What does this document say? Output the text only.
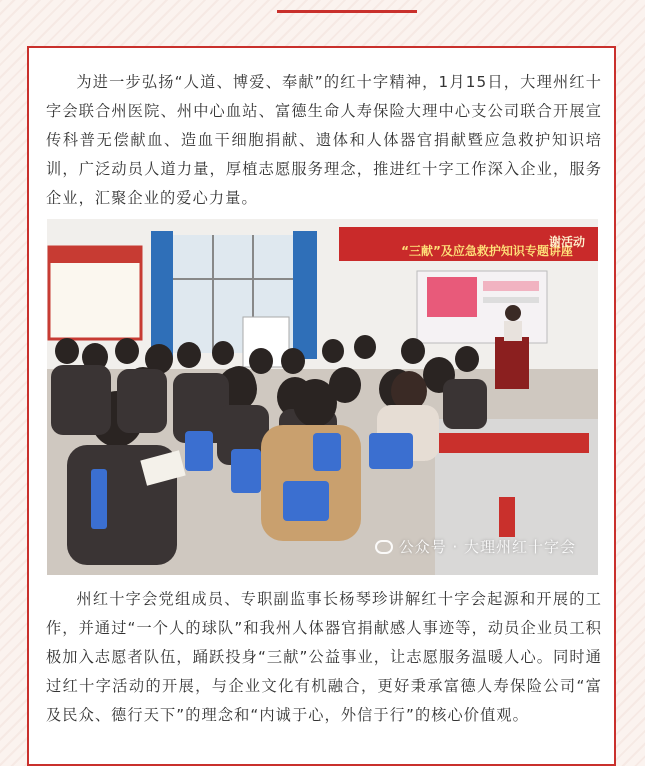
为进一步弘扬“人道、博爱、奉献”的红十字精神，1月15日，大理州红十字会联合州医院、州中心血站、富德生命人寿保险大理中心支公司联合开展宣传科普无偿献血、造血干细胞捐献、遗体和人体器官捐献暨应急救护知识培训，广泛动员人道力量，厚植志愿服务理念，推进红十字工作深入企业，服务企业，汇聚企业的爱心力量。

“三献”及应急救护知识专题讲座
谢活动
公众号 · 大理州红十字会

州红十字会党组成员、专职副监事长杨琴珍讲解红十字会起源和开展的工作，并通过“一个人的球队”和我州人体器官捐献感人事迹等，动员企业员工积极加入志愿者队伍，踊跃投身“三献”公益事业，让志愿服务温暖人心。同时通过红十字活动的开展，与企业文化有机融合，更好秉承富德人寿保险公司“富及民众、德行天下”的理念和“内诚于心，外信于行”的核心价值观。
